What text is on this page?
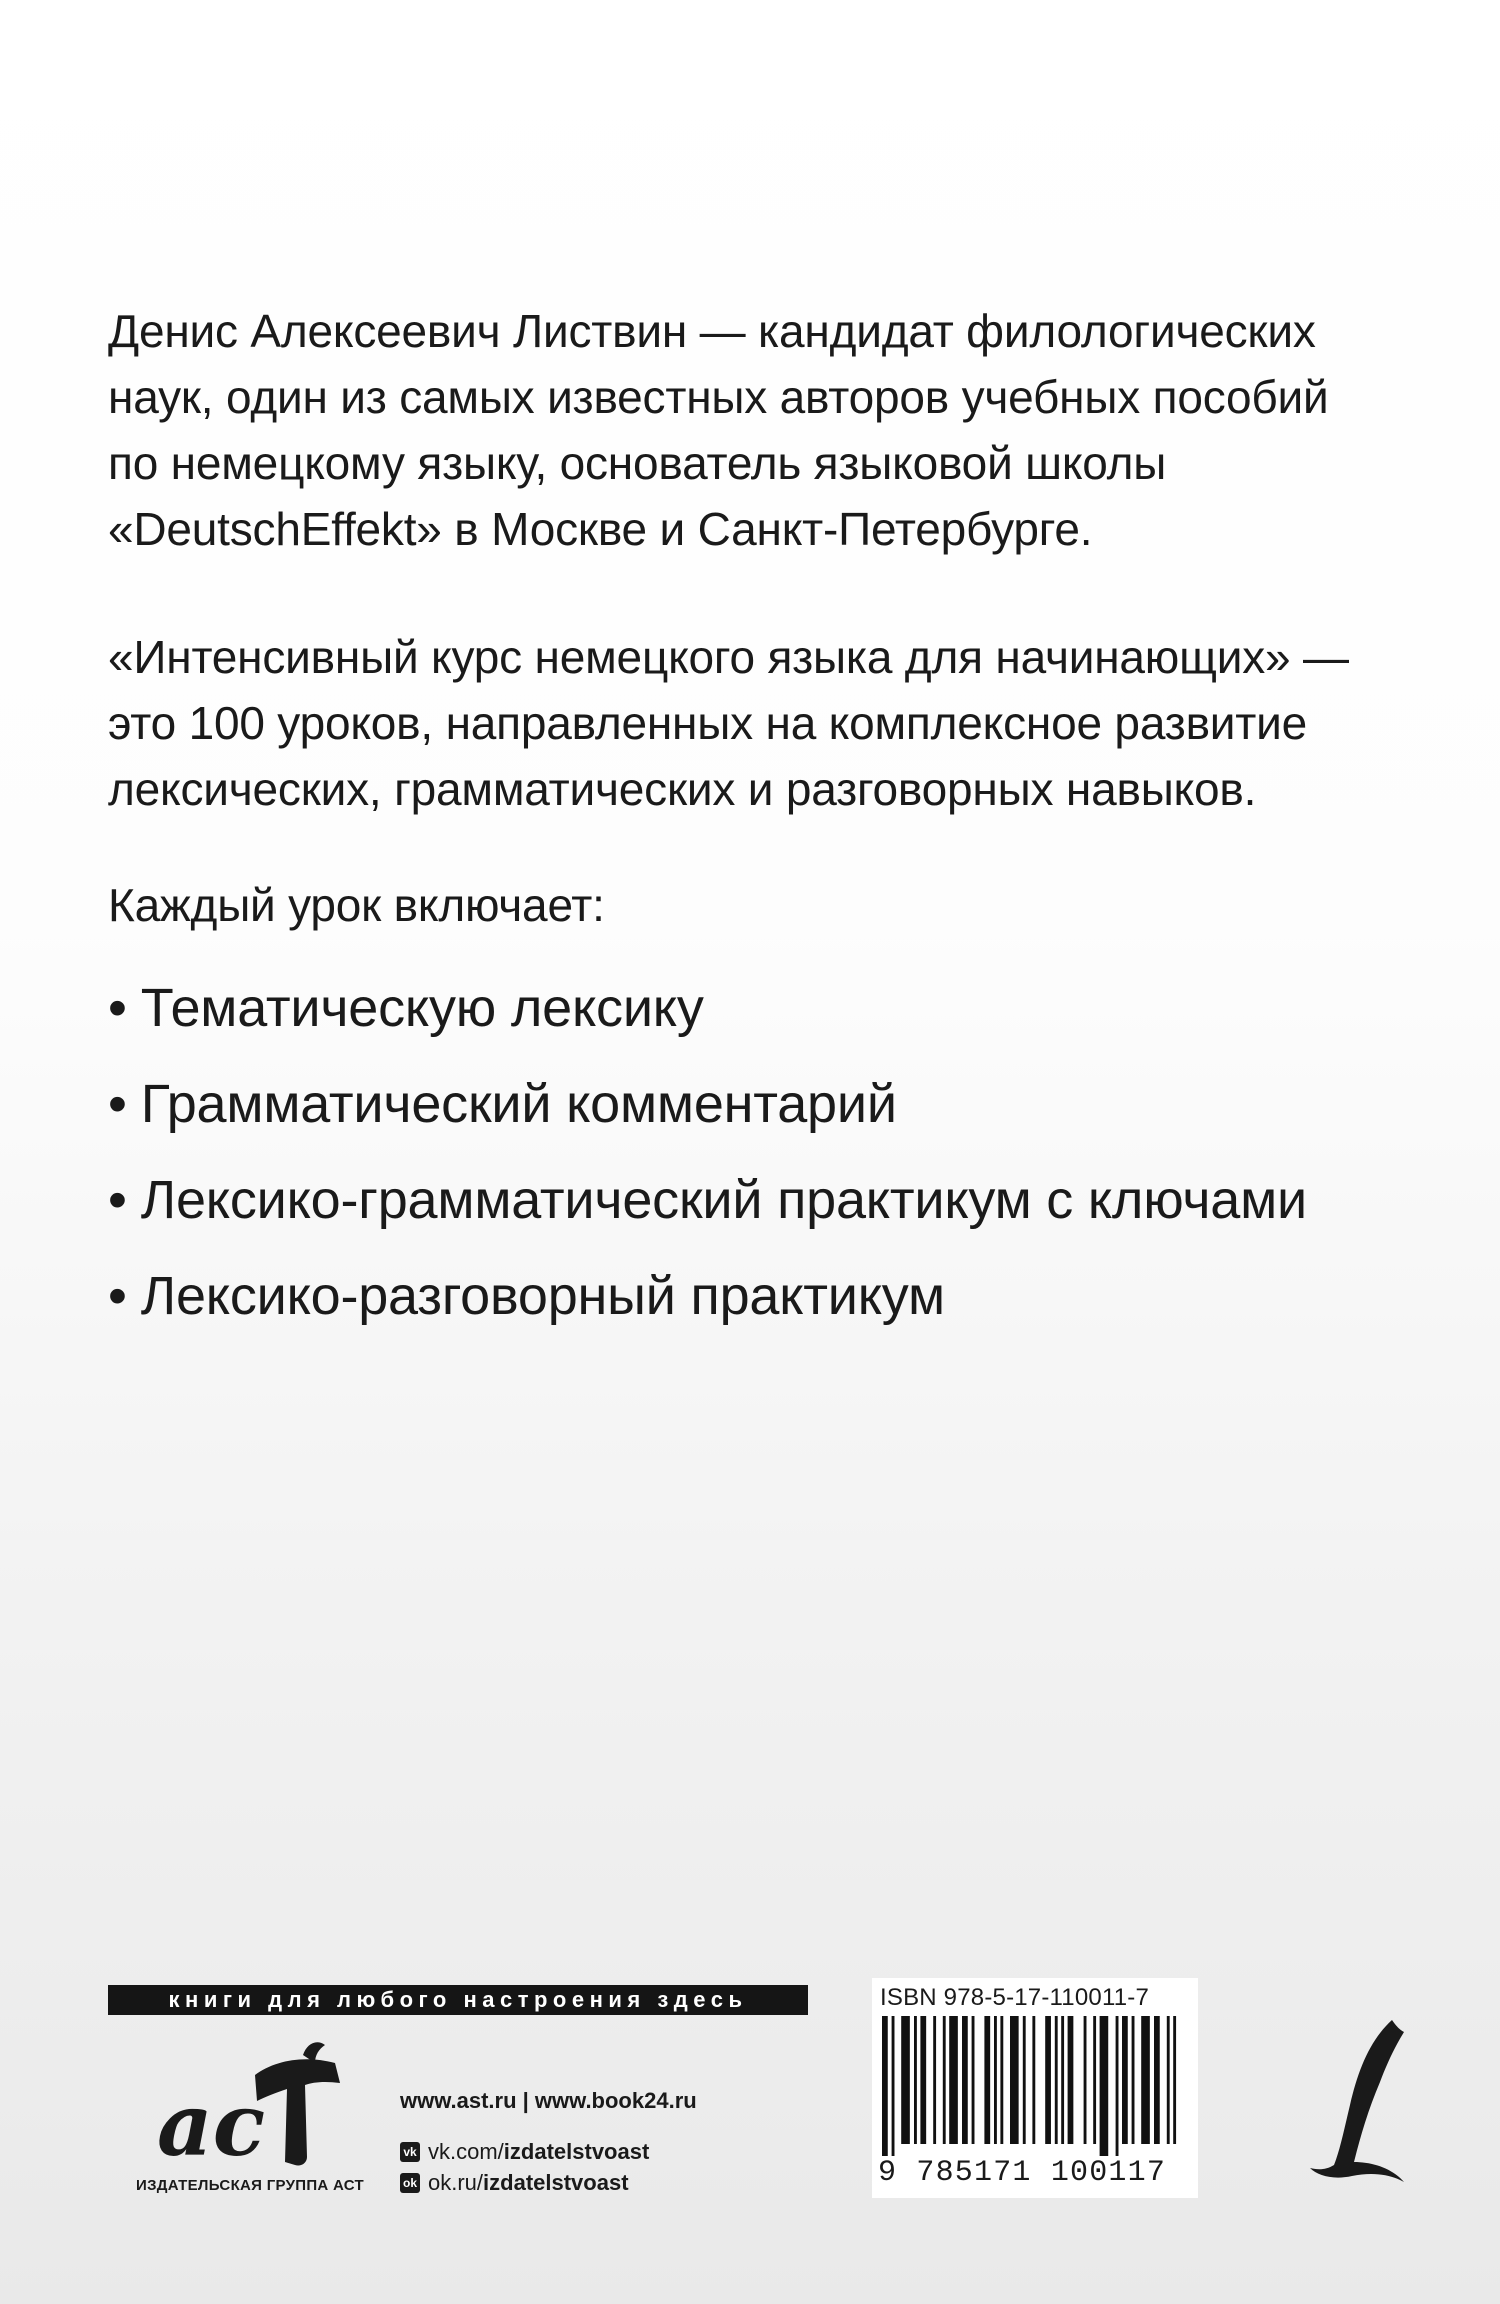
Денис Алексеевич Листвин — кандидат филологических
наук, один из самых известных авторов учебных пособий
по немецкому языку, основатель языковой школы
«DeutschEffekt» в Москве и Санкт-Петербурге.
«Интенсивный курс немецкого языка для начинающих» —
это 100 уроков, направленных на комплексное развитие
лексических, грамматических и разговорных навыков.
Каждый урок включает:
• Тематическую лексику
• Грамматический комментарий
• Лексико-грамматический практикум с ключами
• Лексико-разговорный практикум
книги для любого настроения здесь
ac
ИЗДАТЕЛЬСКАЯ ГРУППА АСТ
www.ast.ru | www.book24.ru
vk vk.com/ izdatelstvoast
ok ok.ru/ izdatelstvoast
ISBN 978-5-17-110011-7
9 785171 100117
